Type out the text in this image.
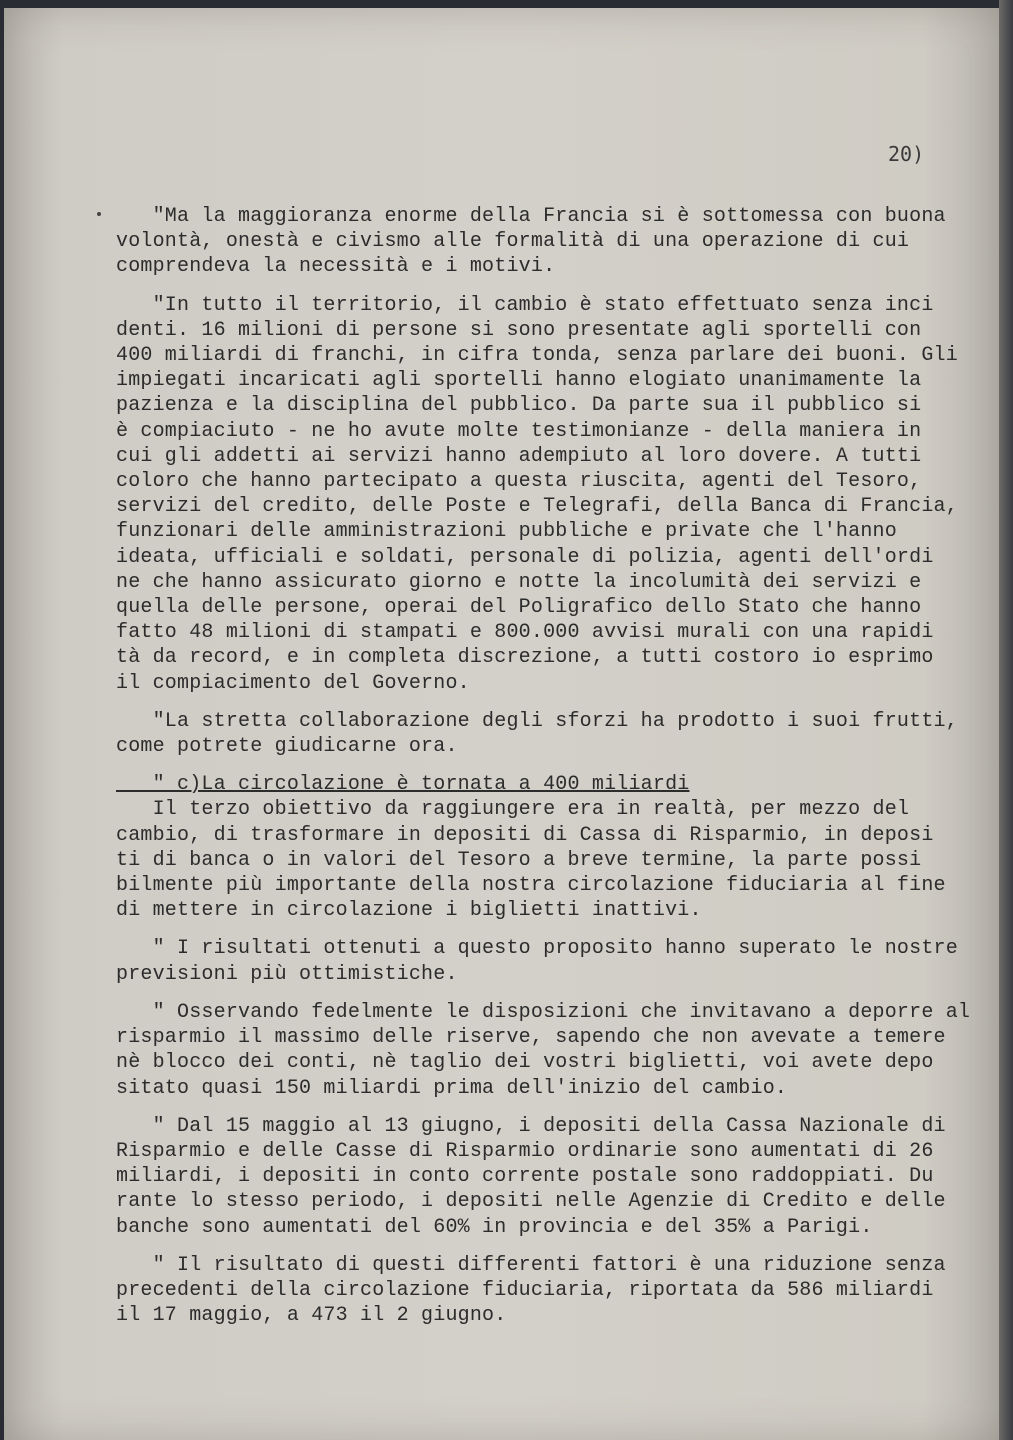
20)
"Ma la maggioranza enorme della Francia si è sottomessa con buona
volontà, onestà e civismo alle formalità di una operazione di cui
comprendeva la necessità e i motivi.
"In tutto il territorio, il cambio è stato effettuato senza inci
denti. 16 milioni di persone si sono presentate agli sportelli con
400 miliardi di franchi, in cifra tonda, senza parlare dei buoni. Gli
impiegati incaricati agli sportelli hanno elogiato unanimamente la
pazienza e la disciplina del pubblico. Da parte sua il pubblico si
è compiaciuto - ne ho avute molte testimonianze - della maniera in
cui gli addetti ai servizi hanno adempiuto al loro dovere. A tutti
coloro che hanno partecipato a questa riuscita, agenti del Tesoro,
servizi del credito, delle Poste e Telegrafi, della Banca di Francia,
funzionari delle amministrazioni pubbliche e private che l'hanno
ideata, ufficiali e soldati, personale di polizia, agenti dell'ordi
ne che hanno assicurato giorno e notte la incolumità dei servizi e
quella delle persone, operai del Poligrafico dello Stato che hanno
fatto 48 milioni di stampati e 800.000 avvisi murali con una rapidi
tà da record, e in completa discrezione, a tutti costoro io esprimo
il compiacimento del Governo.
"La stretta collaborazione degli sforzi ha prodotto i suoi frutti,
come potrete giudicarne ora.
" c)La circolazione è tornata a 400 miliardi
Il terzo obiettivo da raggiungere era in realtà, per mezzo del
cambio, di trasformare in depositi di Cassa di Risparmio, in deposi
ti di banca o in valori del Tesoro a breve termine, la parte possi
bilmente più importante della nostra circolazione fiduciaria al fine
di mettere in circolazione i biglietti inattivi.
" I risultati ottenuti a questo proposito hanno superato le nostre
previsioni più ottimistiche.
" Osservando fedelmente le disposizioni che invitavano a deporre al
risparmio il massimo delle riserve, sapendo che non avevate a temere
nè blocco dei conti, nè taglio dei vostri biglietti, voi avete depo
sitato quasi 150 miliardi prima dell'inizio del cambio.
" Dal 15 maggio al 13 giugno, i depositi della Cassa Nazionale di
Risparmio e delle Casse di Risparmio ordinarie sono aumentati di 26
miliardi, i depositi in conto corrente postale sono raddoppiati. Du
rante lo stesso periodo, i depositi nelle Agenzie di Credito e delle
banche sono aumentati del 60% in provincia e del 35% a Parigi.
" Il risultato di questi differenti fattori è una riduzione senza
precedenti della circolazione fiduciaria, riportata da 586 miliardi
il 17 maggio, a 473 il 2 giugno.
